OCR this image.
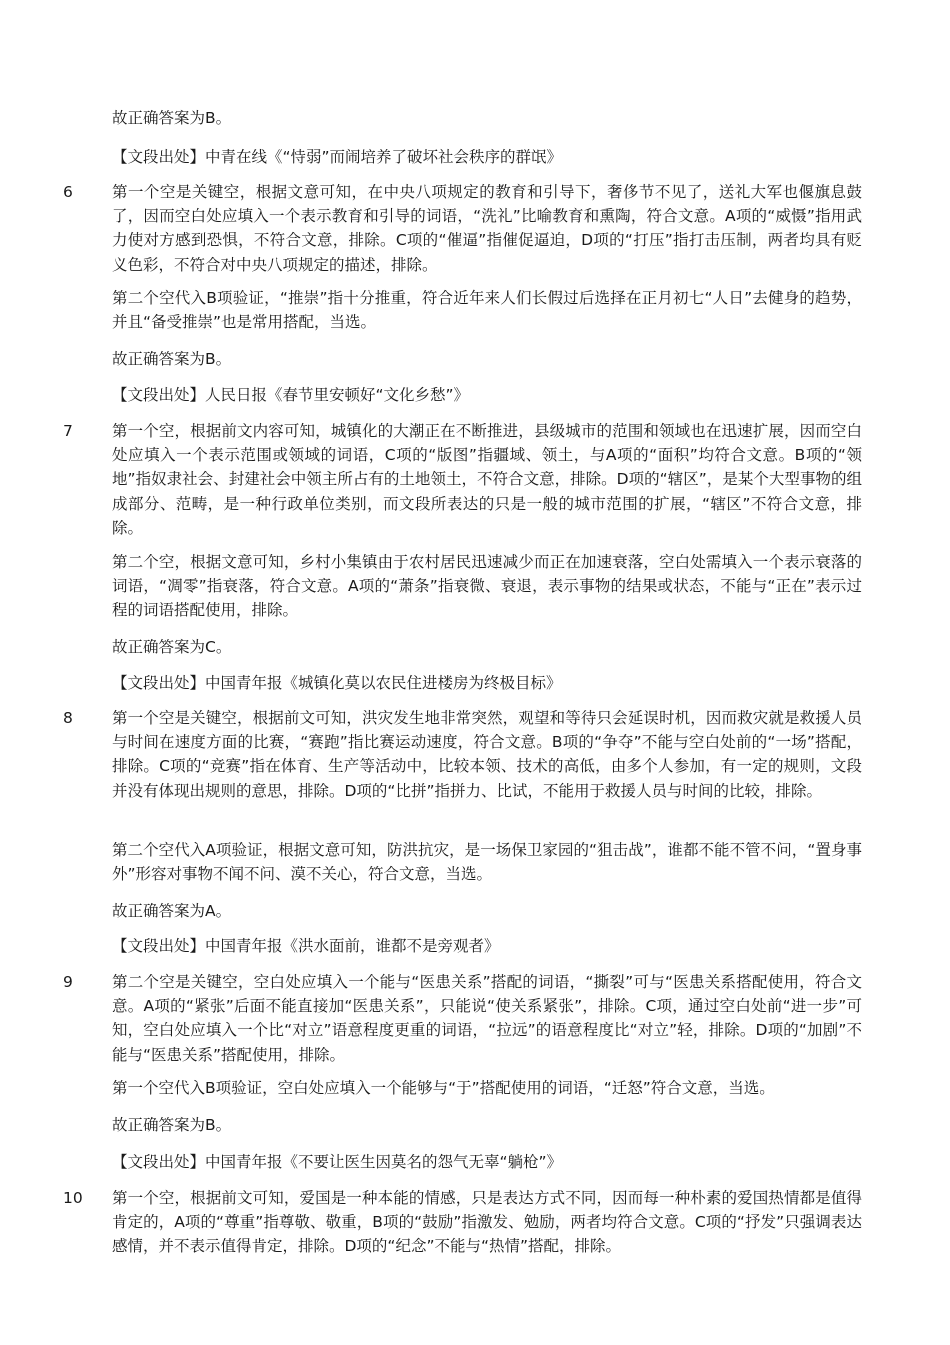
故正确答案为B。

【文段出处】中青在线《“恃弱”而闹培养了破坏社会秩序的群氓》

6	第一个空是关键空，根据文意可知，在中央八项规定的教育和引导下，奢侈节不见了，送礼大军也偃旗息鼓了，因而空白处应填入一个表示教育和引导的词语，“洗礼”比喻教育和熏陶，符合文意。A项的“威慑”指用武力使对方感到恐惧，不符合文意，排除。C项的“催逼”指催促逼迫，D项的“打压”指打击压制，两者均具有贬义色彩，不符合对中央八项规定的描述，排除。

第二个空代入B项验证，“推崇”指十分推重，符合近年来人们长假过后选择在正月初七“人日”去健身的趋势，并且“备受推崇”也是常用搭配，当选。

故正确答案为B。

【文段出处】人民日报《春节里安顿好“文化乡愁”》

7	第一个空，根据前文内容可知，城镇化的大潮正在不断推进，县级城市的范围和领域也在迅速扩展，因而空白处应填入一个表示范围或领域的词语，C项的“版图”指疆域、领土，与A项的“面积”均符合文意。B项的“领地”指奴隶社会、封建社会中领主所占有的土地领土，不符合文意，排除。D项的“辖区”，是某个大型事物的组成部分、范畴，是一种行政单位类别，而文段所表达的只是一般的城市范围的扩展，“辖区”不符合文意，排除。

第二个空，根据文意可知，乡村小集镇由于农村居民迅速减少而正在加速衰落，空白处需填入一个表示衰落的词语，“凋零”指衰落，符合文意。A项的“萧条”指衰微、衰退，表示事物的结果或状态，不能与“正在”表示过程的词语搭配使用，排除。

故正确答案为C。

【文段出处】中国青年报《城镇化莫以农民住进楼房为终极目标》

8	第一个空是关键空，根据前文可知，洪灾发生地非常突然，观望和等待只会延误时机，因而救灾就是救援人员与时间在速度方面的比赛，“赛跑”指比赛运动速度，符合文意。B项的“争夺”不能与空白处前的“一场”搭配，排除。C项的“竞赛”指在体育、生产等活动中，比较本领、技术的高低，由多个人参加，有一定的规则，文段并没有体现出规则的意思，排除。D项的“比拼”指拼力、比试，不能用于救援人员与时间的比较，排除。

第二个空代入A项验证，根据文意可知，防洪抗灾，是一场保卫家园的“狙击战”，谁都不能不管不问，“置身事外”形容对事物不闻不问、漠不关心，符合文意，当选。

故正确答案为A。

【文段出处】中国青年报《洪水面前，谁都不是旁观者》

9	第二个空是关键空，空白处应填入一个能与“医患关系”搭配的词语，“撕裂”可与“医患关系搭配使用，符合文意。A项的“紧张”后面不能直接加“医患关系”，只能说“使关系紧张”，排除。C项，通过空白处前“进一步”可知，空白处应填入一个比“对立”语意程度更重的词语，“拉远”的语意程度比“对立”轻，排除。D项的“加剧”不能与“医患关系”搭配使用，排除。

第一个空代入B项验证，空白处应填入一个能够与“于”搭配使用的词语，“迁怒”符合文意，当选。

故正确答案为B。

【文段出处】中国青年报《不要让医生因莫名的怨气无辜“躺枪”》

10 第一个空，根据前文可知，爱国是一种本能的情感，只是表达方式不同，因而每一种朴素的爱国热情都是值得肯定的，A项的“尊重”指尊敬、敬重，B项的“鼓励”指激发、勉励，两者均符合文意。C项的“抒发”只强调表达感情，并不表示值得肯定，排除。D项的“纪念”不能与“热情”搭配，排除。
